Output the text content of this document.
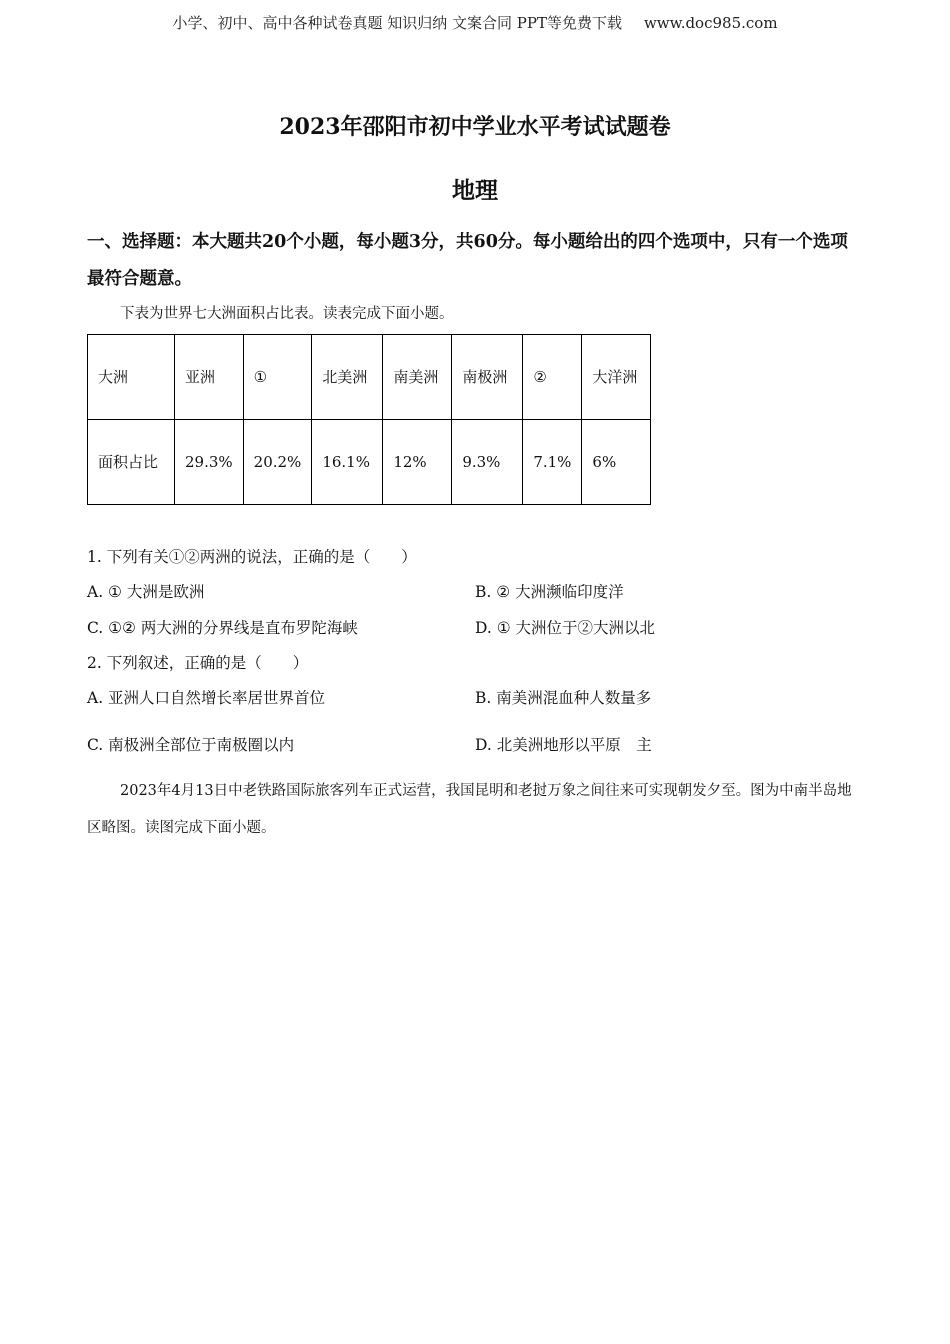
小学、初中、高中各种试卷真题 知识归纳 文案合同 PPT等免费下载 www.doc985.com
2023年邵阳市初中学业水平考试试题卷
地理
一、选择题：本大题共20个小题，每小题3分，共60分。每小题给出的四个选项中，只有一个选项最符合题意。
下表为世界七大洲面积占比表。读表完成下面小题。
大洲	亚洲	①	北美洲	南美洲	南极洲	②	大洋洲
面积占比	29.3%	20.2%	16.1%	12%	9.3%	7.1%	6%
1. 下列有关①②两洲的说法，正确的是（　　）
A. ① 大洲是欧洲	B. ② 大洲濒临印度洋
C. ①② 两大洲的分界线是直布罗陀海峡	D. ① 大洲位于②大洲以北
2. 下列叙述，正确的是（　　）
A. 亚洲人口自然增长率居世界首位	B. 南美洲混血种人数量多
C. 南极洲全部位于南极圈以内	D. 北美洲地形以平原　主
2023年4月13日中老铁路国际旅客列车正式运营，我国昆明和老挝万象之间往来可实现朝发夕至。图为中南半岛地区略图。读图完成下面小题。
